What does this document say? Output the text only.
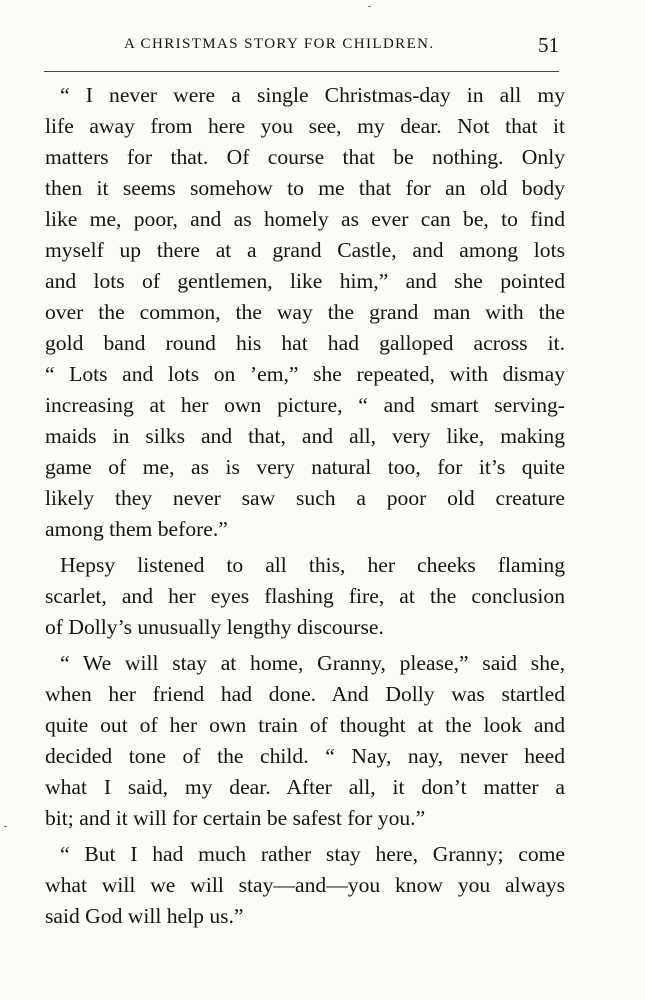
A CHRISTMAS STORY FOR CHILDREN.	51
“ I never were a single Christmas-day in all my
life away from here you see, my dear. Not that it
matters for that. Of course that be nothing. Only
then it seems somehow to me that for an old body
like me, poor, and as homely as ever can be, to find
myself up there at a grand Castle, and among lots
and lots of gentlemen, like him,” and she pointed
over the common, the way the grand man with the
gold band round his hat had galloped across it.
“ Lots and lots on ’em,” she repeated, with dismay
increasing at her own picture, “ and smart serving-
maids in silks and that, and all, very like, making
game of me, as is very natural too, for it’s quite
likely they never saw such a poor old creature
among them before.”
Hepsy listened to all this, her cheeks flaming
scarlet, and her eyes flashing fire, at the conclusion
of Dolly’s unusually lengthy discourse.
“ We will stay at home, Granny, please,” said she,
when her friend had done. And Dolly was startled
quite out of her own train of thought at the look and
decided tone of the child. “ Nay, nay, never heed
what I said, my dear. After all, it don’t matter a
bit; and it will for certain be safest for you.”
“ But I had much rather stay here, Granny; come
what will we will stay—and—you know you always
said God will help us.”
